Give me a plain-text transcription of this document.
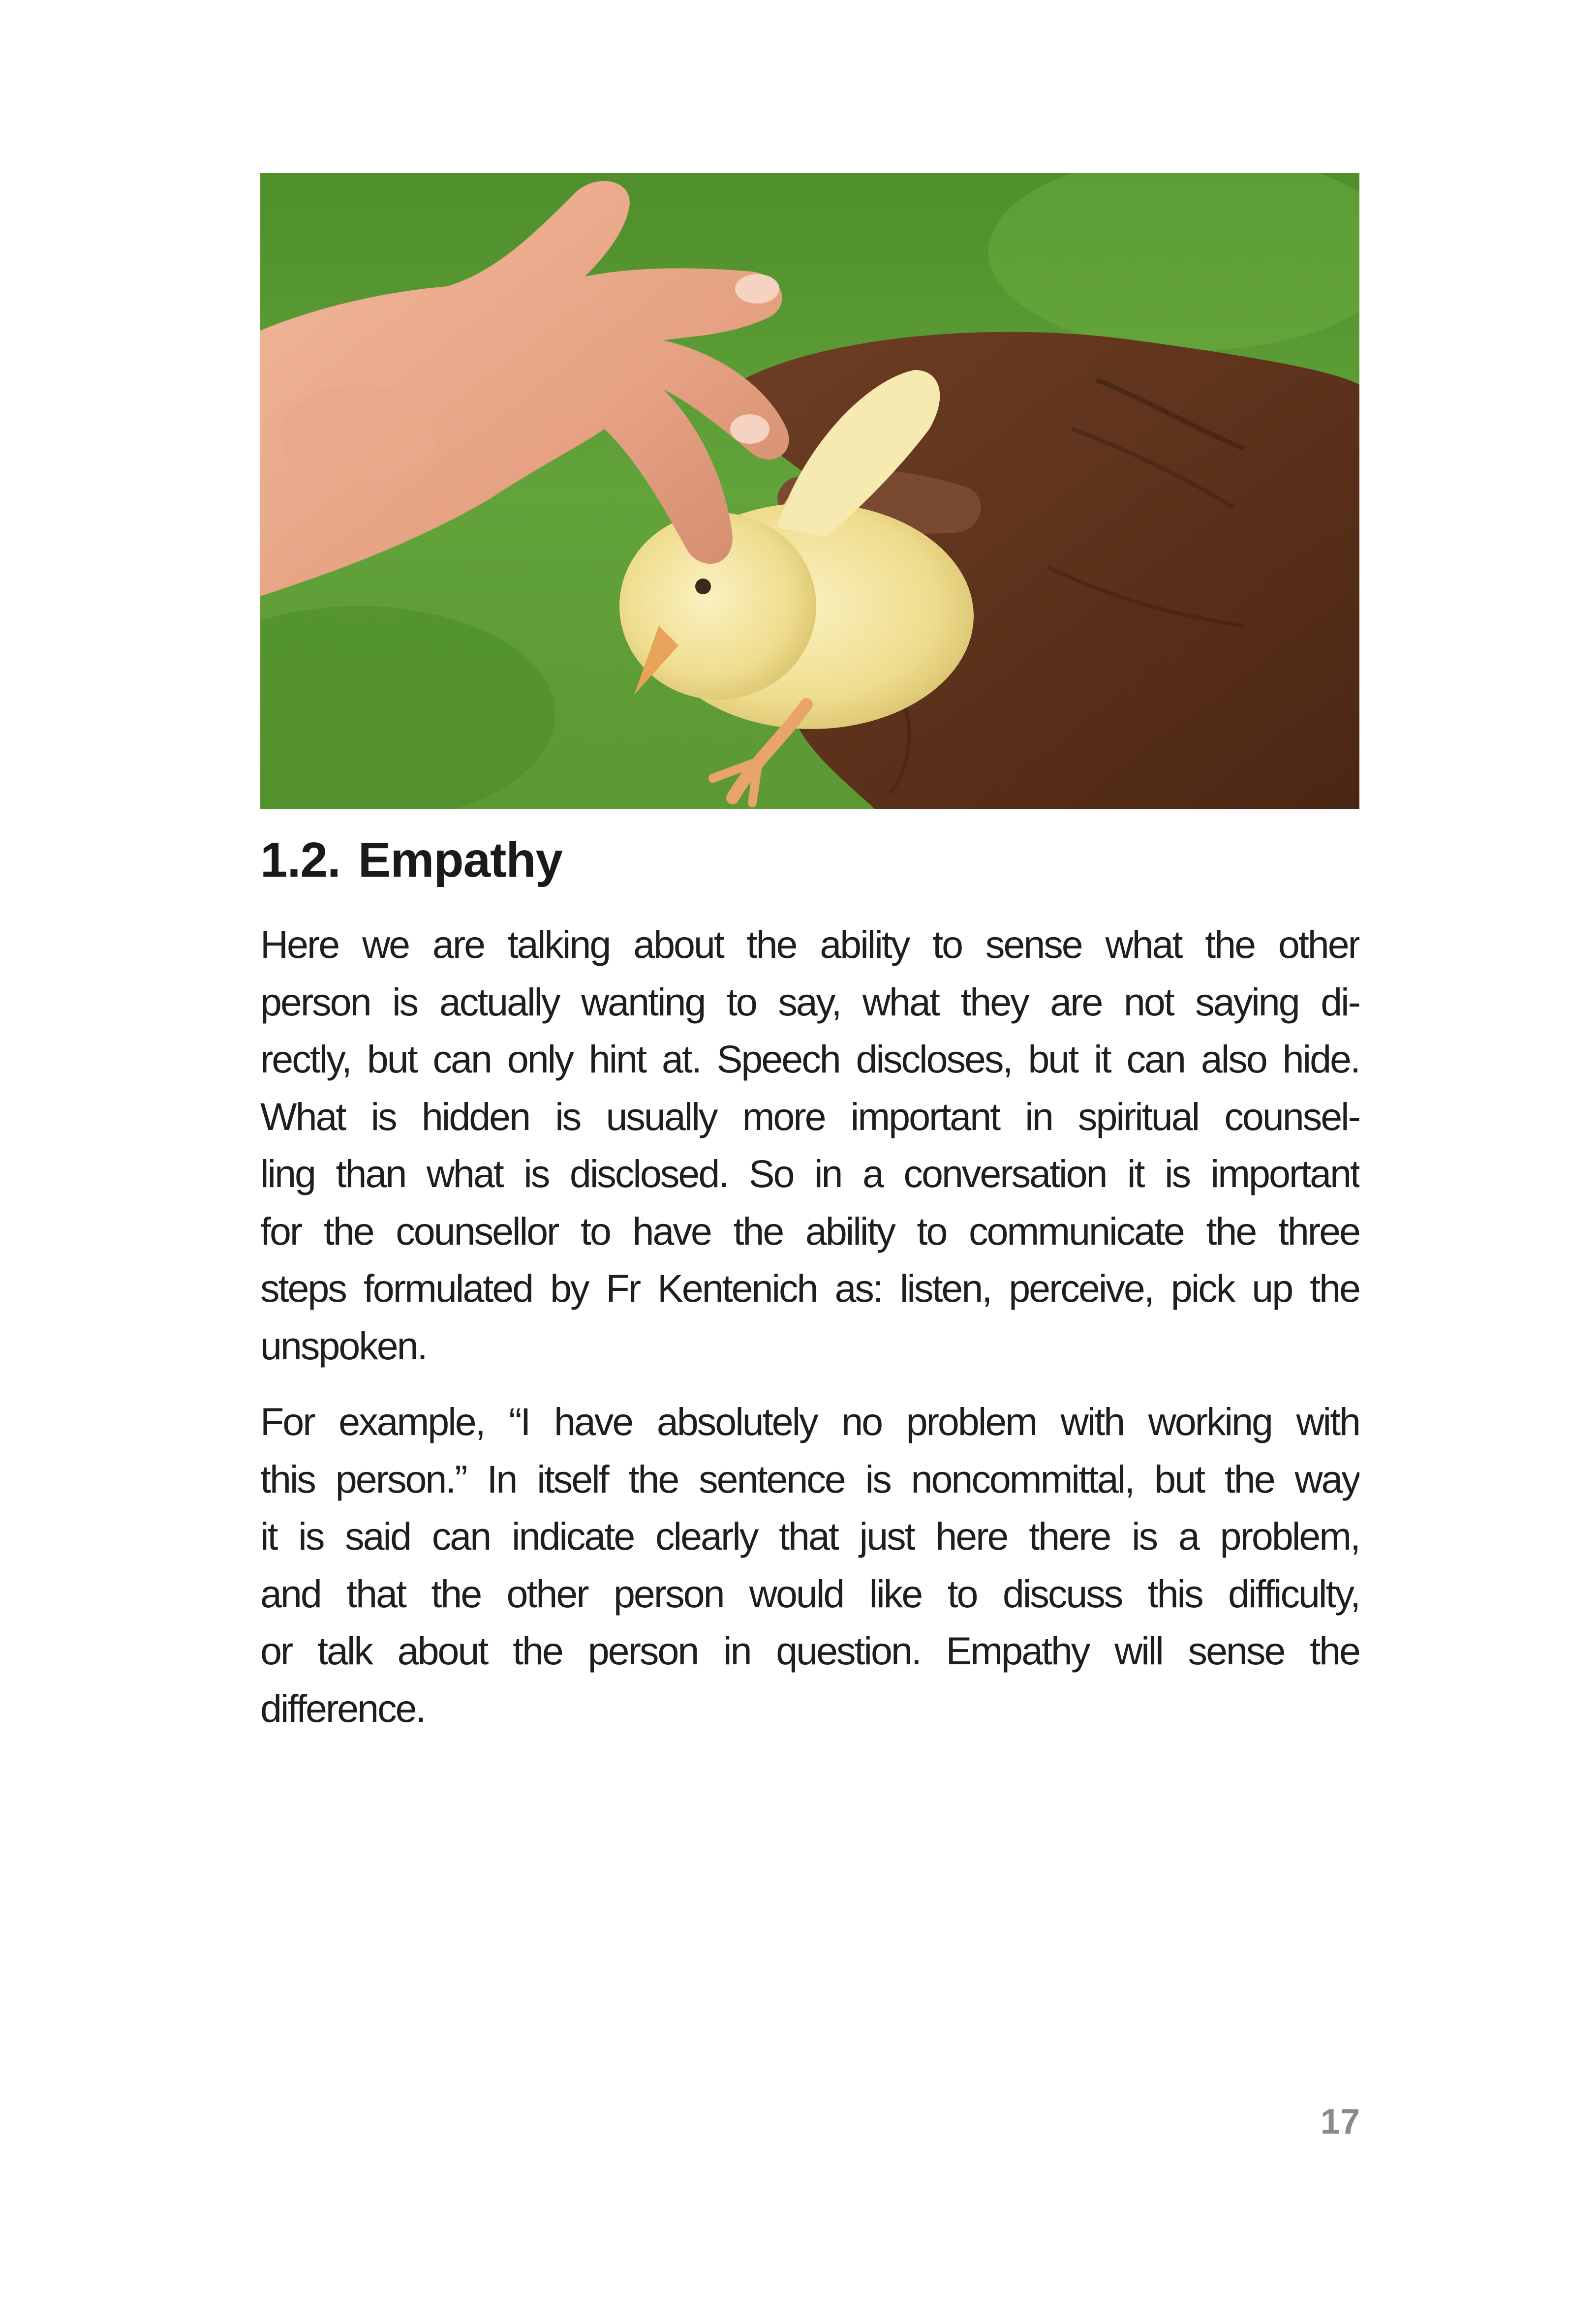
1.2. Empathy

Here we are talking about the ability to sense what the other
person is actually wanting to say, what they are not saying di-
rectly, but can only hint at. Speech discloses, but it can also hide.
What is hidden is usually more important in spiritual counsel-
ling than what is disclosed. So in a conversation it is important
for the counsellor to have the ability to communicate the three
steps formulated by Fr Kentenich as: listen, perceive, pick up the
unspoken.

For example, “I have absolutely no problem with working with
this person.” In itself the sentence is noncommittal, but the way
it is said can indicate clearly that just here there is a problem,
and that the other person would like to discuss this difficulty,
or talk about the person in question. Empathy will sense the
difference.

17
